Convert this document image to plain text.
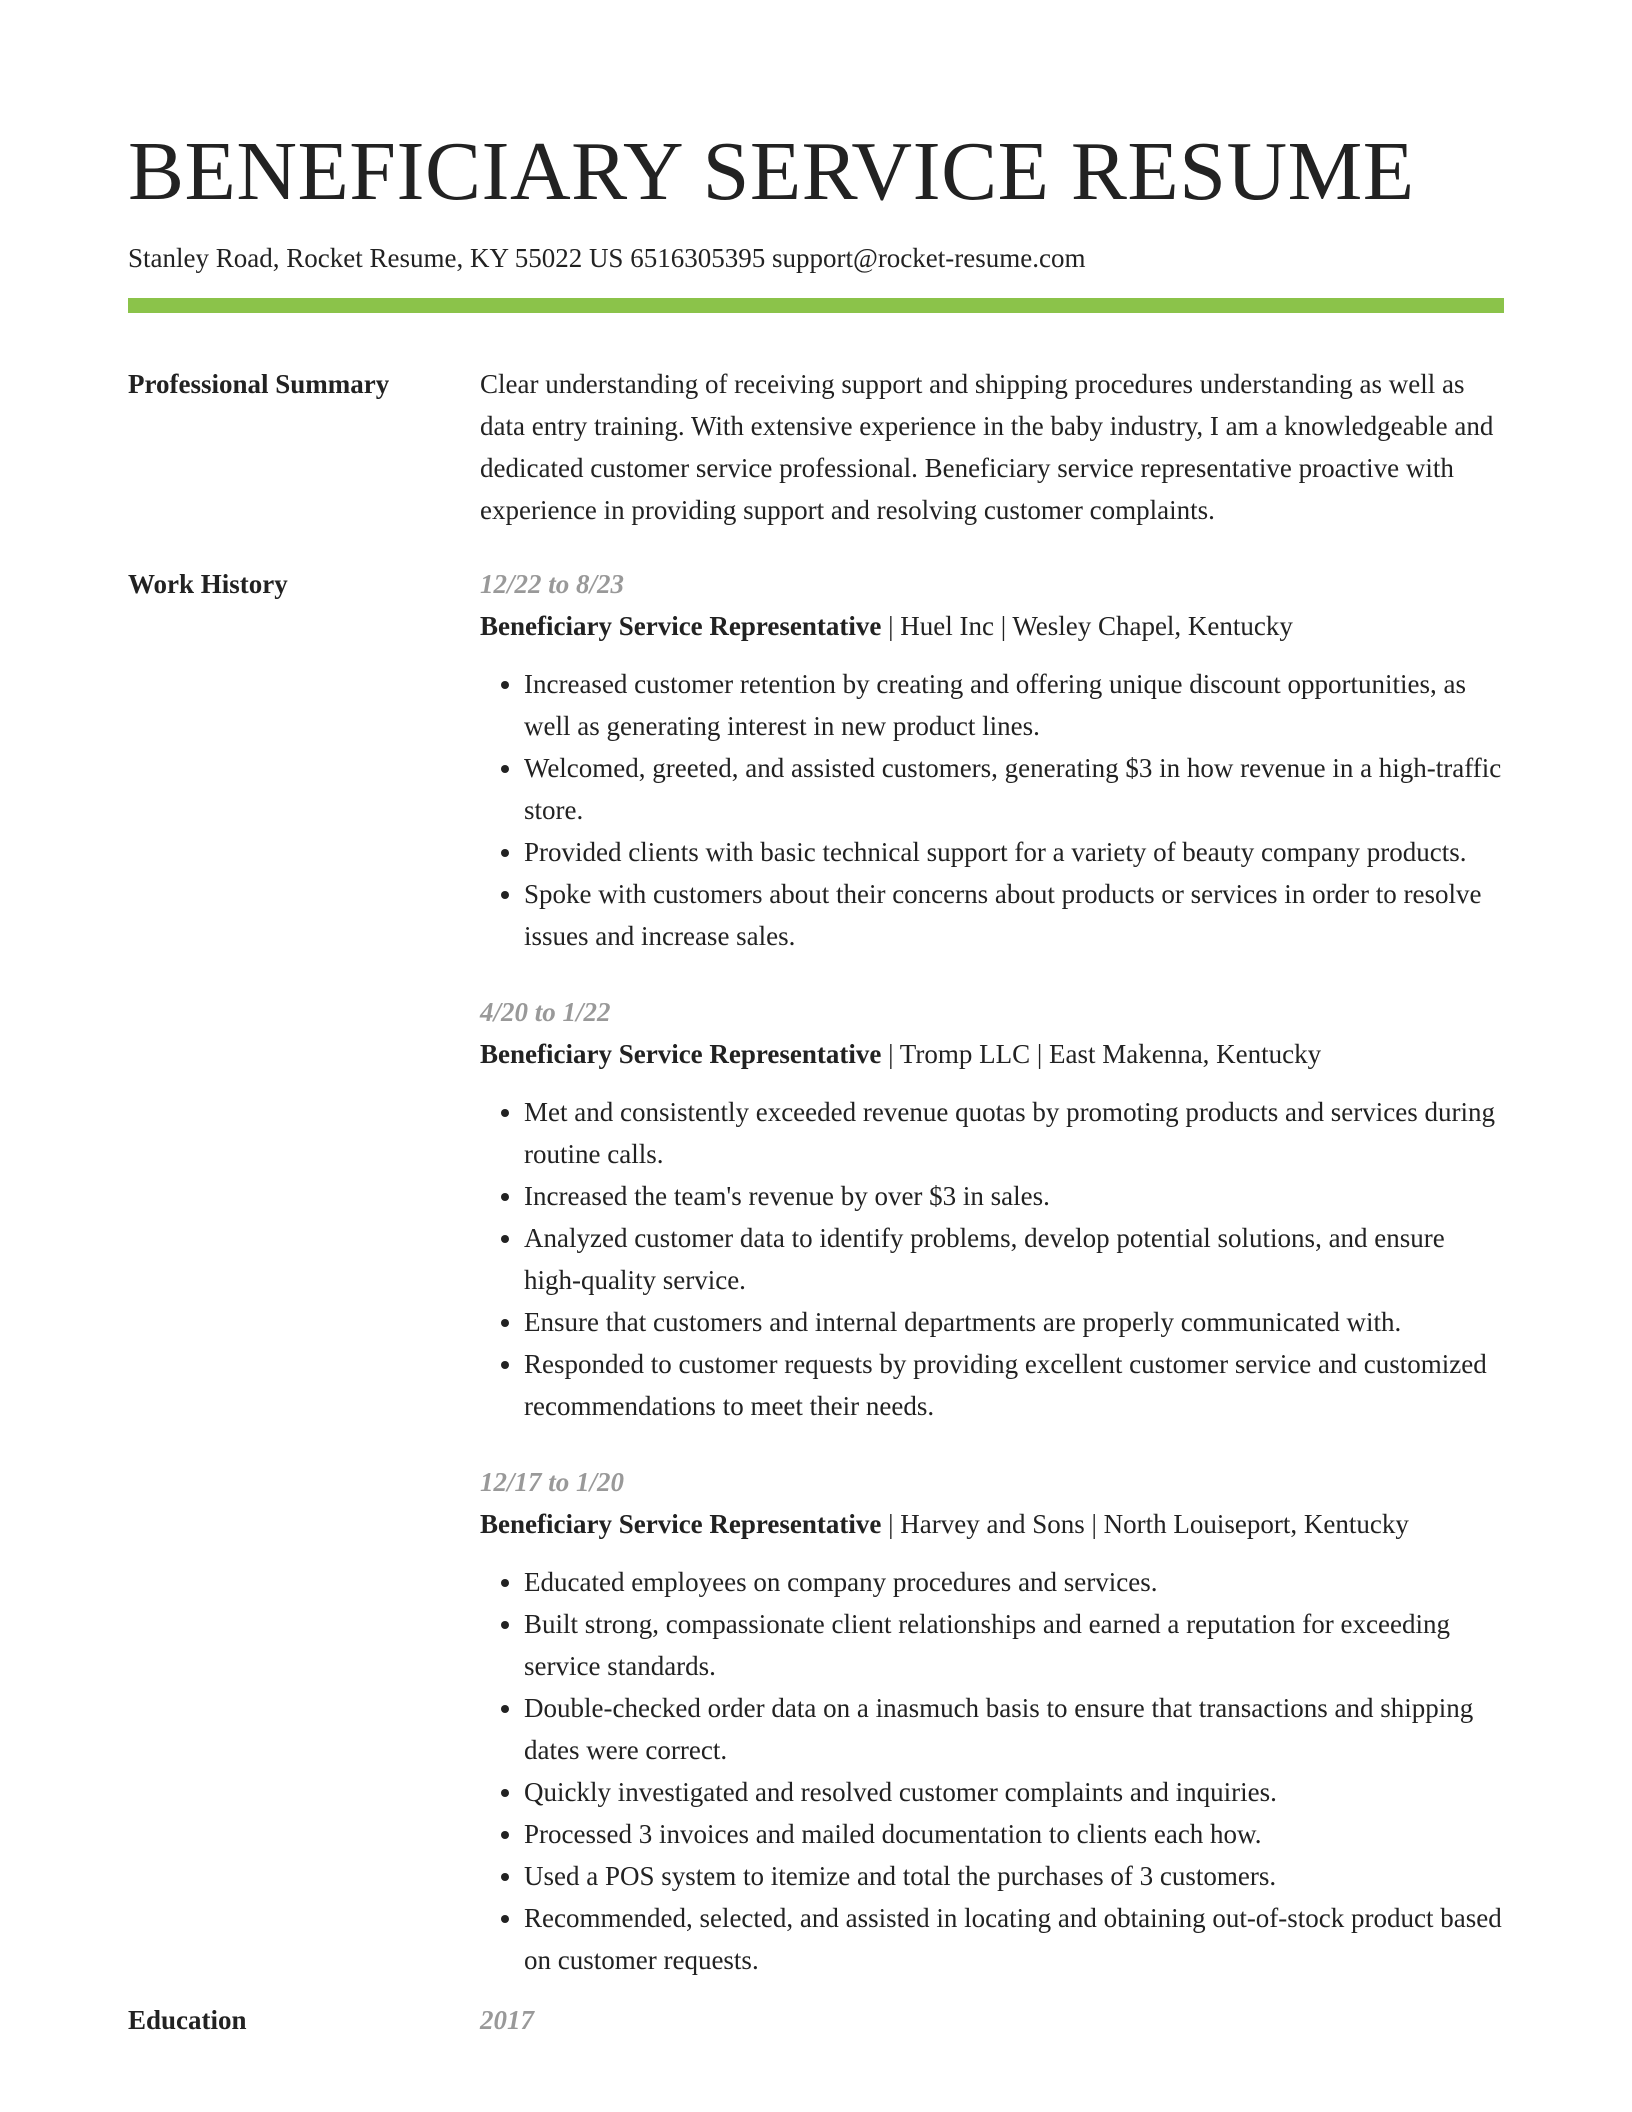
BENEFICIARY SERVICE RESUME
Stanley Road, Rocket Resume, KY 55022 US 6516305395 support@rocket-resume.com
Professional Summary	Clear understanding of receiving support and shipping procedures understanding as well as data entry training. With extensive experience in the baby industry, I am a knowledgeable and dedicated customer service professional. Beneficiary service representative proactive with experience in providing support and resolving customer complaints.

Work History	12/22 to 8/23
Beneficiary Service Representative | Huel Inc | Wesley Chapel, Kentucky
• Increased customer retention by creating and offering unique discount opportunities, as well as generating interest in new product lines.
• Welcomed, greeted, and assisted customers, generating $3 in how revenue in a high-traffic store.
• Provided clients with basic technical support for a variety of beauty company products.
• Spoke with customers about their concerns about products or services in order to resolve issues and increase sales.
4/20 to 1/22
Beneficiary Service Representative | Tromp LLC | East Makenna, Kentucky
• Met and consistently exceeded revenue quotas by promoting products and services during routine calls.
• Increased the team's revenue by over $3 in sales.
• Analyzed customer data to identify problems, develop potential solutions, and ensure high-quality service.
• Ensure that customers and internal departments are properly communicated with.
• Responded to customer requests by providing excellent customer service and customized recommendations to meet their needs.
12/17 to 1/20
Beneficiary Service Representative | Harvey and Sons | North Louiseport, Kentucky
• Educated employees on company procedures and services.
• Built strong, compassionate client relationships and earned a reputation for exceeding service standards.
• Double-checked order data on a inasmuch basis to ensure that transactions and shipping dates were correct.
• Quickly investigated and resolved customer complaints and inquiries.
• Processed 3 invoices and mailed documentation to clients each how.
• Used a POS system to itemize and total the purchases of 3 customers.
• Recommended, selected, and assisted in locating and obtaining out-of-stock product based on customer requests.
Education	2017
